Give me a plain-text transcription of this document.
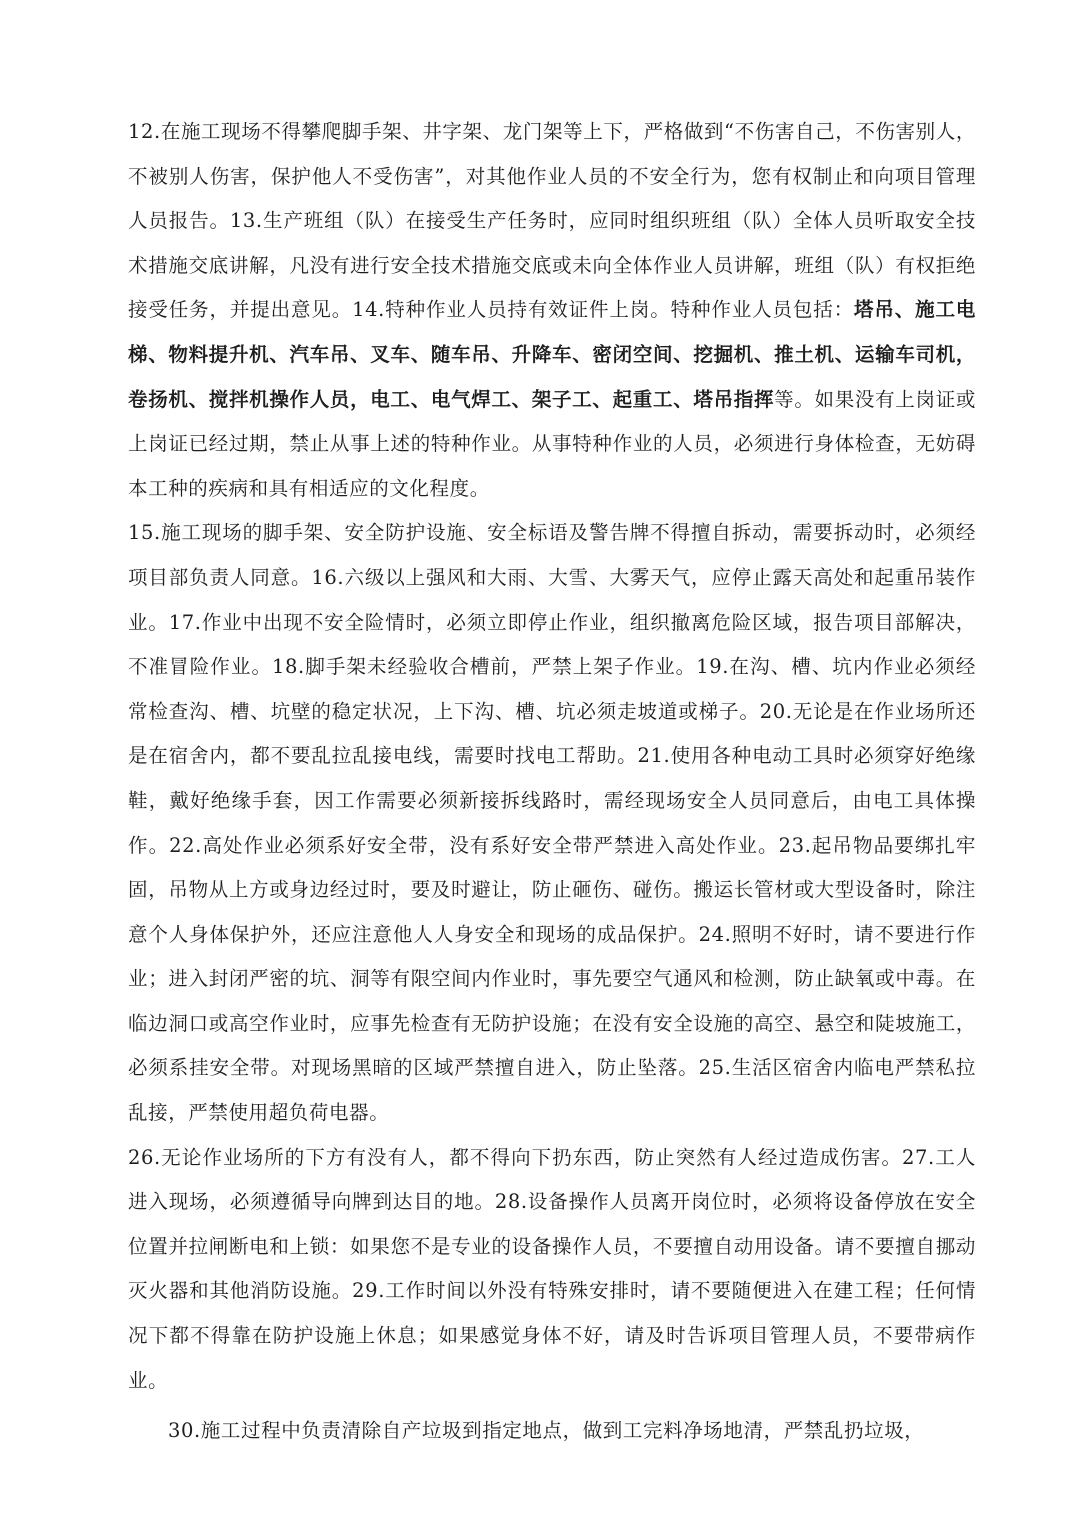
12.在施工现场不得攀爬脚手架、井字架、龙门架等上下，严格做到“不伤害自己，不伤害别人，不被别人伤害，保护他人不受伤害”，对其他作业人员的不安全行为，您有权制止和向项目管理人员报告。13.生产班组（队）在接受生产任务时，应同时组织班组（队）全体人员听取安全技术措施交底讲解，凡没有进行安全技术措施交底或未向全体作业人员讲解，班组（队）有权拒绝接受任务，并提出意见。14.特种作业人员持有效证件上岗。特种作业人员包括：塔吊、施工电梯、物料提升机、汽车吊、叉车、随车吊、升降车、密闭空间、挖掘机、推土机、运输车司机，卷扬机、搅拌机操作人员，电工、电气焊工、架子工、起重工、塔吊指挥等。如果没有上岗证或上岗证已经过期，禁止从事上述的特种作业。从事特种作业的人员，必须进行身体检查，无妨碍本工种的疾病和具有相适应的文化程度。

15.施工现场的脚手架、安全防护设施、安全标语及警告牌不得擅自拆动，需要拆动时，必须经项目部负责人同意。16.六级以上强风和大雨、大雪、大雾天气，应停止露天高处和起重吊装作业。17.作业中出现不安全险情时，必须立即停止作业，组织撤离危险区域，报告项目部解决，不准冒险作业。18.脚手架未经验收合槽前，严禁上架子作业。19.在沟、槽、坑内作业必须经常检查沟、槽、坑壁的稳定状况，上下沟、槽、坑必须走坡道或梯子。20.无论是在作业场所还是在宿舍内，都不要乱拉乱接电线，需要时找电工帮助。21.使用各种电动工具时必须穿好绝缘鞋，戴好绝缘手套，因工作需要必须新接拆线路时，需经现场安全人员同意后，由电工具体操作。22.高处作业必须系好安全带，没有系好安全带严禁进入高处作业。23.起吊物品要绑扎牢固，吊物从上方或身边经过时，要及时避让，防止砸伤、碰伤。搬运长管材或大型设备时，除注意个人身体保护外，还应注意他人人身安全和现场的成品保护。24.照明不好时，请不要进行作业；进入封闭严密的坑、洞等有限空间内作业时，事先要空气通风和检测，防止缺氧或中毒。在临边洞口或高空作业时，应事先检查有无防护设施；在没有安全设施的高空、悬空和陡坡施工，必须系挂安全带。对现场黑暗的区域严禁擅自进入，防止坠落。25.生活区宿舍内临电严禁私拉乱接，严禁使用超负荷电器。

26.无论作业场所的下方有没有人，都不得向下扔东西，防止突然有人经过造成伤害。27.工人进入现场，必须遵循导向牌到达目的地。28.设备操作人员离开岗位时，必须将设备停放在安全位置并拉闸断电和上锁：如果您不是专业的设备操作人员，不要擅自动用设备。请不要擅自挪动灭火器和其他消防设施。29.工作时间以外没有特殊安排时，请不要随便进入在建工程；任何情况下都不得靠在防护设施上休息；如果感觉身体不好，请及时告诉项目管理人员，不要带病作业。

30.施工过程中负责清除自产垃圾到指定地点，做到工完料净场地清，严禁乱扔垃圾，
